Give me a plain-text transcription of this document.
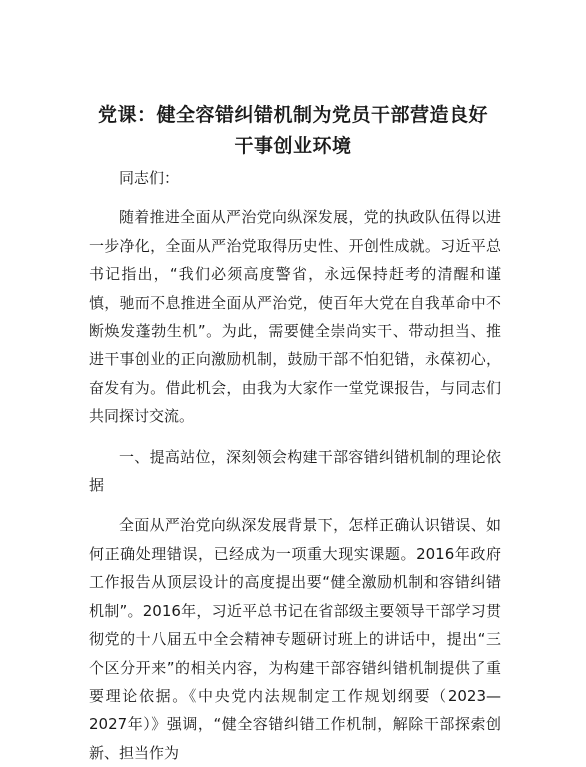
党课：健全容错纠错机制为党员干部营造良好
干事创业环境

同志们：

随着推进全面从严治党向纵深发展，党的执政队伍得以进一步净化，全面从严治党取得历史性、开创性成就。习近平总书记指出，“我们必须高度警省，永远保持赶考的清醒和谨慎，驰而不息推进全面从严治党，使百年大党在自我革命中不断焕发蓬勃生机”。为此，需要健全崇尚实干、带动担当、推进干事创业的正向激励机制，鼓励干部不怕犯错，永葆初心，奋发有为。借此机会，由我为大家作一堂党课报告，与同志们共同探讨交流。

一、提高站位，深刻领会构建干部容错纠错机制的理论依据

全面从严治党向纵深发展背景下，怎样正确认识错误、如何正确处理错误，已经成为一项重大现实课题。2016年政府工作报告从顶层设计的高度提出要“健全激励机制和容错纠错机制”。2016年，习近平总书记在省部级主要领导干部学习贯彻党的十八届五中全会精神专题研讨班上的讲话中，提出“三个区分开来”的相关内容，为构建干部容错纠错机制提供了重要理论依据。《中央党内法规制定工作规划纲要（2023—2027年）》强调，“健全容错纠错工作机制，解除干部探索创新、担当作为
